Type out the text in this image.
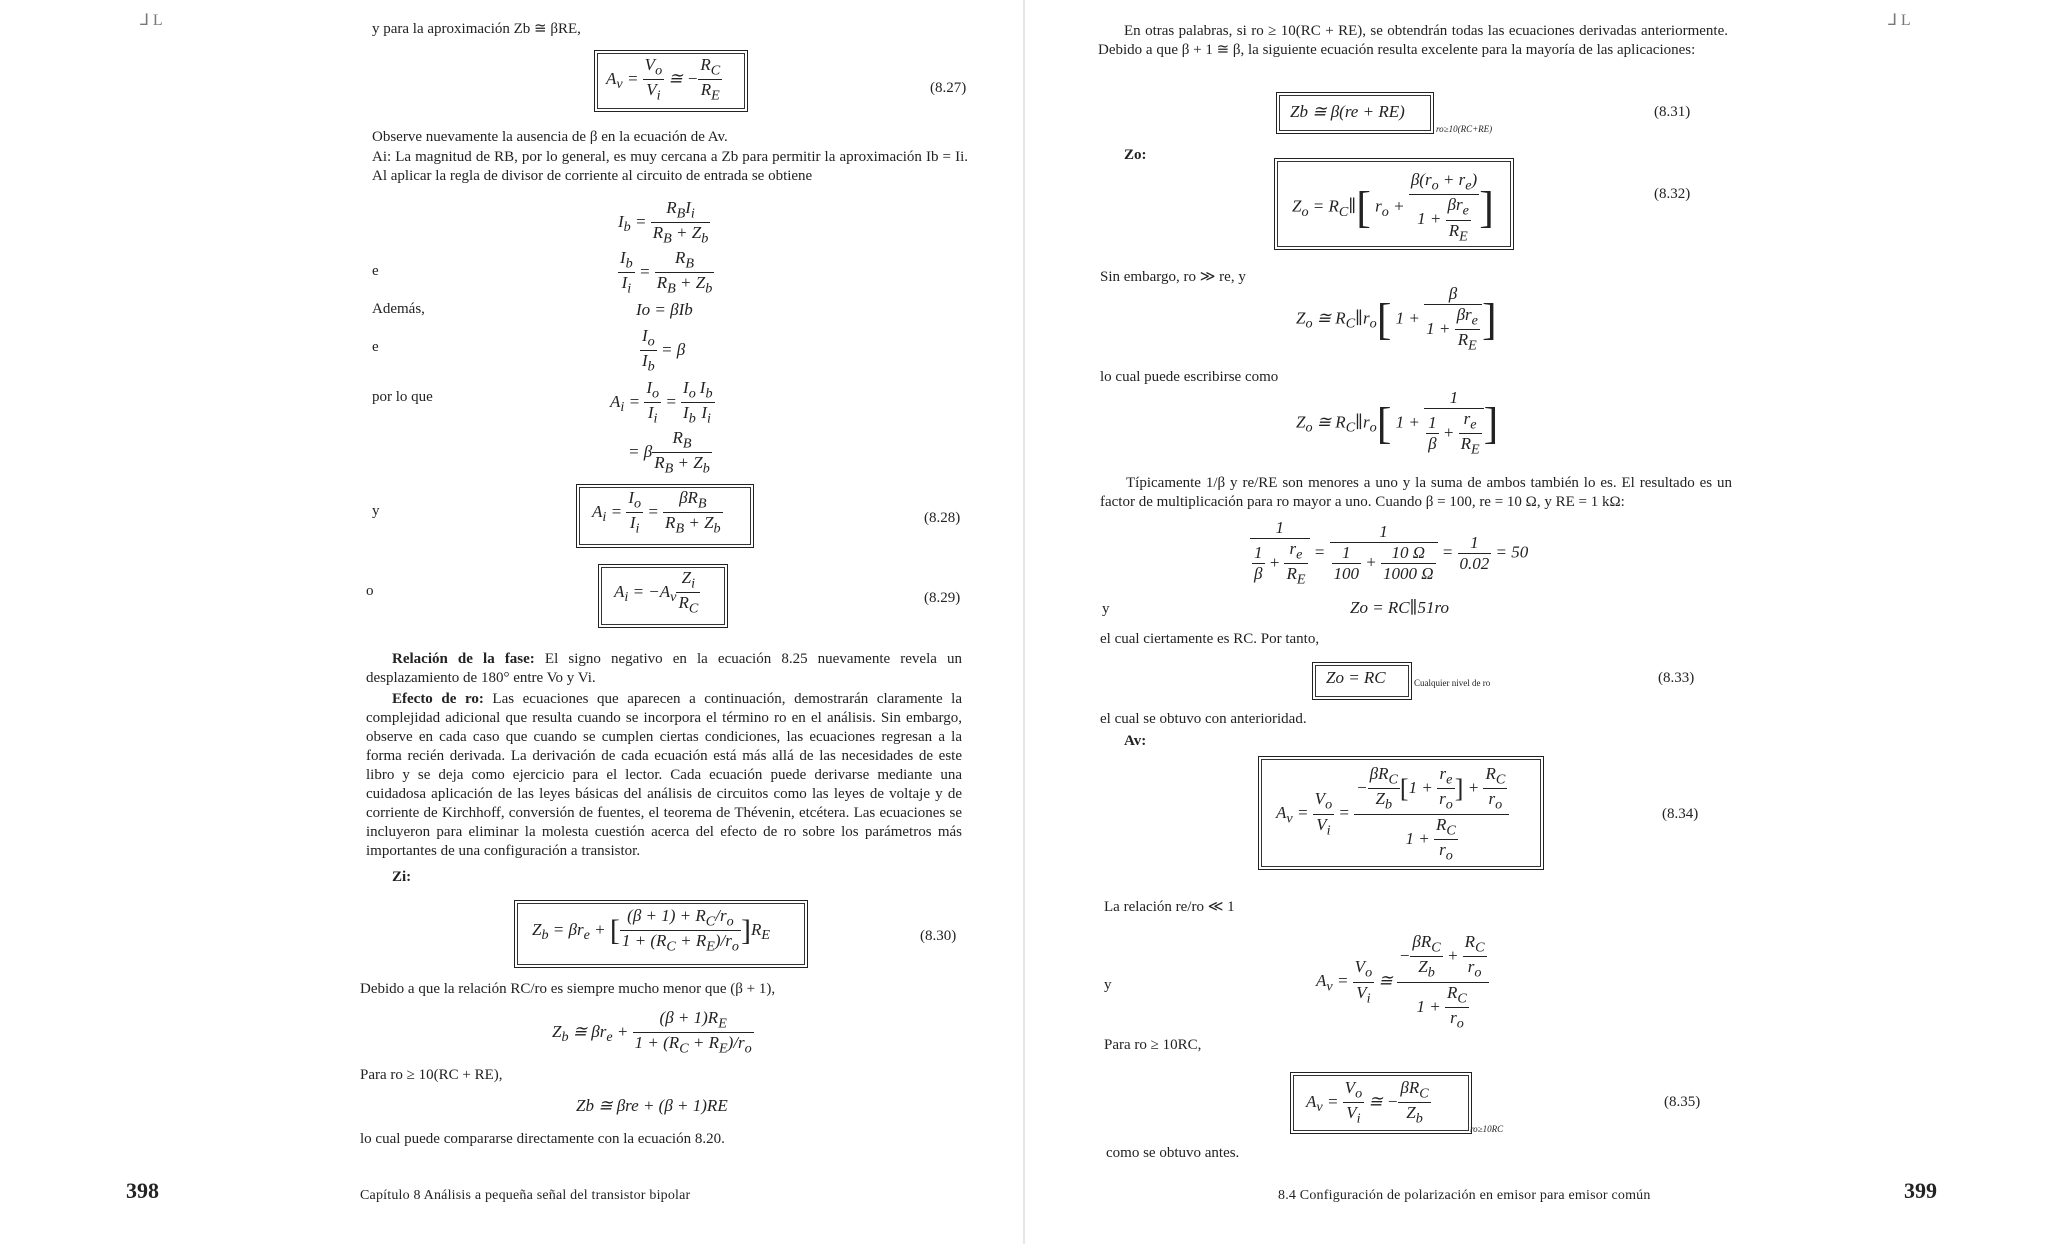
⅃ L	y para la aproximación Zb ≅ βRE,
$A_v = \frac{V_o}{V_i}$ ≅ − $\frac{R_C}{R_E}$	(8.27)
Observe nuevamente la ausencia de β en la ecuación de Av.
Ai: La magnitud de RB, por lo general, es muy cercana a Zb para permitir la aproximación Ib = Ii. Al aplicar la regla de divisor de corriente al circuito de entrada se obtiene
$I_b = \frac{R_BI_i}{R_B + Z_b}$
e	$\frac{I_b}{I_i} = \frac{R_B}{R_B + Z_b}$
Además,	Io = βIb
e	$\frac{I_o}{I_b} = \beta$
por lo que	$A_i = \frac{I_o}{I_i} = \frac{I_o}{I_b} \frac{I_b}{I_i}$
= β $\frac{R_B}{R_B + Z_b}$
y	$A_i = \frac{I_o}{I_i} = \frac{\beta R_B}{R_B + Z_b}$	(8.28)
o	$A_i = -A_v \frac{Z_i}{R_C}$	(8.29)
Relación de la fase: El signo negativo en la ecuación 8.25 nuevamente revela un desplazamiento de 180° entre Vo y Vi.
Efecto de ro: Las ecuaciones que aparecen a continuación, demostrarán claramente la complejidad adicional que resulta cuando se incorpora el término ro en el análisis. Sin embargo, observe en cada caso que cuando se cumplen ciertas condiciones, las ecuaciones regresan a la forma recién derivada. La derivación de cada ecuación está más allá de las necesidades de este libro y se deja como ejercicio para el lector. Cada ecuación puede derivarse mediante una cuidadosa aplicación de las leyes básicas del análisis de circuitos como las leyes de voltaje y de corriente de Kirchhoff, conversión de fuentes, el teorema de Thévenin, etcétera. Las ecuaciones se incluyeron para eliminar la molesta cuestión acerca del efecto de ro sobre los parámetros más importantes de una configuración a transistor.
Zi:
$Z_b = \beta r_e$ + [ $\frac{(\beta + 1) + R_C/r_o}{1 + (R_C + R_E)/r_o} ]R_E$	(8.30)
Debido a que la relación RC/ro es siempre mucho menor que (β + 1),
$Z_b$ ≅ $\beta r_e + \frac{(\beta + 1)R_E}{1 + (R_C + R_E)/r_o}$
Para ro ≥ 10(RC + RE),
Zb ≅ βre + (β + 1)RE
lo cual puede compararse directamente con la ecuación 8.20.
398	Capítulo 8 Análisis a pequeña señal del transistor bipolar
⅃ L
En otras palabras, si ro ≥ 10(RC + RE), se obtendrán todas las ecuaciones derivadas anteriormente. Debido a que β + 1 ≅ β, la siguiente ecuación resulta excelente para la mayoría de las aplicaciones:
Zb ≅ β(re + RE)
ro≥10(RC+RE)
(8.31)
Zo:
$Z_o$ = $R_C\parallel$[ $r_o + \frac{\beta(r_o + r_e)}{1 + \frac{\beta r_e}{R_E}}$ ]	(8.32)
Sin embargo, ro ≫ re, y
$Z_o$ ≅ $R_C\parallel r_o$[ $1 + \frac{\beta}{1 + \frac{\beta r_e}{R_E}}$ ]
lo cual puede escribirse como
$Z_o$ ≅ $R_C\parallel r_o$[ $1 + \frac{1}{\frac{1}{\beta} + \frac{r_e}{R_E}}$ ]
Típicamente 1/β y re/RE son menores a uno y la suma de ambos también lo es. El resultado es un factor de multiplicación para ro mayor a uno. Cuando β = 100, re = 10 Ω, y RE = 1 kΩ:
$\frac{1}{\frac{1}{\beta} + \frac{r_e}{R_E}} = \frac{1}{\frac{1}{100} + \frac{10 \Omega}{1000 \Omega}} = \frac{1}{0.02} = 50$
y	Zo = RC∥51ro
el cual ciertamente es RC. Por tanto,
Zo = RC	Cualquier nivel de ro	(8.33)
el cual se obtuvo con anterioridad.
Av:
$A_v = \frac{V_o}{V_i} = \frac{- \frac{\beta R_C}{Z_b} [1 + \frac{r_e}{r_o} ] + \frac{R_C}{r_o}}{1 + \frac{R_C}{r_o}}$	(8.34)
La relación re/ro ≪ 1
y	$A_v = \frac{V_o}{V_i}$ ≅ $\frac{- \frac{\beta R_C}{Z_b} + \frac{R_C}{r_o}}{1 + \frac{R_C}{r_o}}$
Para ro ≥ 10RC,
$A_v = \frac{V_o}{V_i}$ ≅ − $\frac{\beta R_C}{Z_b}$
ro≥10RC
(8.35)
como se obtuvo antes.
8.4 Configuración de polarización en emisor para emisor común	399
